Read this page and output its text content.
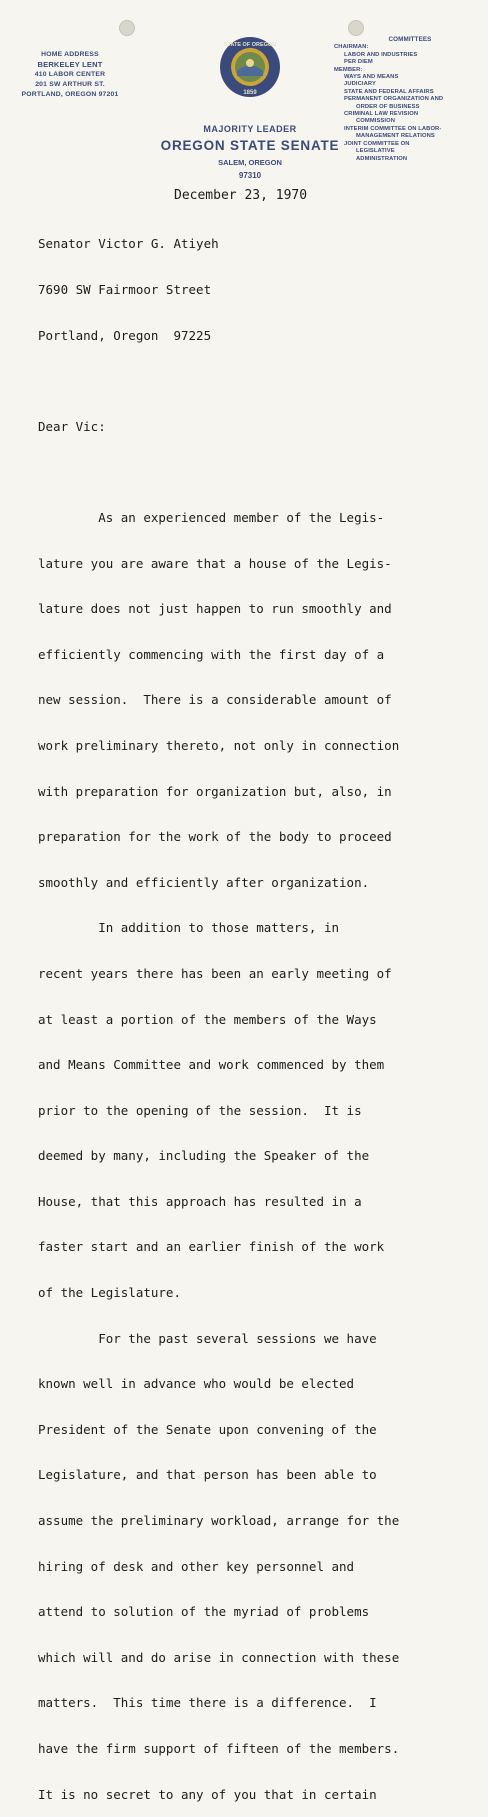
HOME ADDRESS
BERKELEY LENT
410 LABOR CENTER
201 SW ARTHUR ST.
PORTLAND, OREGON 97201
STATE OF OREGON
1859
MAJORITY LEADER
OREGON STATE SENATE
SALEM, OREGON
97310
COMMITTEES
CHAIRMAN:
LABOR AND INDUSTRIES
PER DIEM
MEMBER:
WAYS AND MEANS
JUDICIARY
STATE AND FEDERAL AFFAIRS
PERMANENT ORGANIZATION AND
ORDER OF BUSINESS
CRIMINAL LAW REVISION
COMMISSION
INTERIM COMMITTEE ON LABOR-
MANAGEMENT RELATIONS
JOINT COMMITTEE ON
LEGISLATIVE
ADMINISTRATION
December 23, 1970

Senator Victor G. Atiyeh

7690 SW Fairmoor Street

Portland, Oregon  97225

Dear Vic:

As an experienced member of the Legis-

lature you are aware that a house of the Legis-

lature does not just happen to run smoothly and

efficiently commencing with the first day of a

new session.  There is a considerable amount of

work preliminary thereto, not only in connection

with preparation for organization but, also, in

preparation for the work of the body to proceed

smoothly and efficiently after organization.

In addition to those matters, in

recent years there has been an early meeting of

at least a portion of the members of the Ways

and Means Committee and work commenced by them

prior to the opening of the session.  It is

deemed by many, including the Speaker of the

House, that this approach has resulted in a

faster start and an earlier finish of the work

of the Legislature.

For the past several sessions we have

known well in advance who would be elected

President of the Senate upon convening of the

Legislature, and that person has been able to

assume the preliminary workload, arrange for the

hiring of desk and other key personnel and

attend to solution of the myriad of problems

which will and do arise in connection with these

matters.  This time there is a difference.  I

have the firm support of fifteen of the members.

It is no secret to any of you that in certain
